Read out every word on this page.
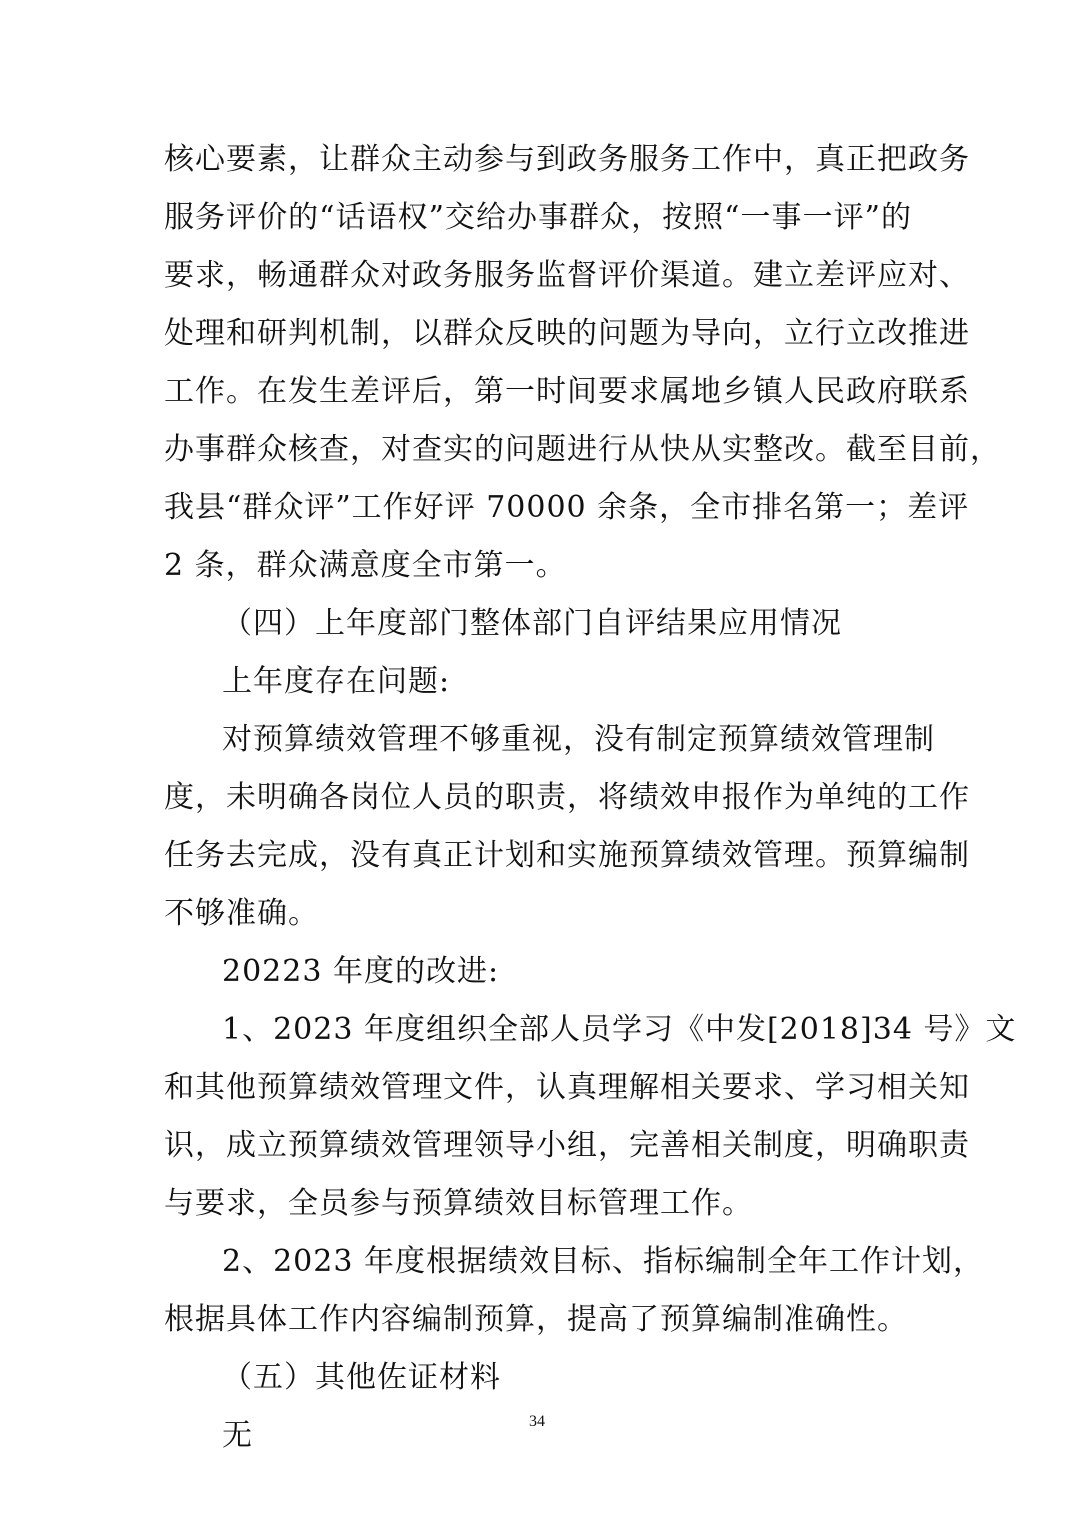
核心要素，让群众主动参与到政务服务工作中，真正把政务
服务评价的“话语权”交给办事群众，按照“一事一评”的
要求，畅通群众对政务服务监督评价渠道。建立差评应对、
处理和研判机制，以群众反映的问题为导向，立行立改推进
工作。在发生差评后，第一时间要求属地乡镇人民政府联系
办事群众核查，对查实的问题进行从快从实整改。截至目前，
我县“群众评”工作好评 70000 余条，全市排名第一；差评
2 条，群众满意度全市第一。
（四）上年度部门整体部门自评结果应用情况
上年度存在问题:
对预算绩效管理不够重视，没有制定预算绩效管理制
度，未明确各岗位人员的职责，将绩效申报作为单纯的工作
任务去完成，没有真正计划和实施预算绩效管理。预算编制
不够准确。
20223 年度的改进:
1、2023 年度组织全部人员学习《中发[2018]34 号》文
和其他预算绩效管理文件，认真理解相关要求、学习相关知
识，成立预算绩效管理领导小组，完善相关制度，明确职责
与要求，全员参与预算绩效目标管理工作。
2、2023 年度根据绩效目标、指标编制全年工作计划，
根据具体工作内容编制预算，提高了预算编制准确性。
（五）其他佐证材料
无	34
